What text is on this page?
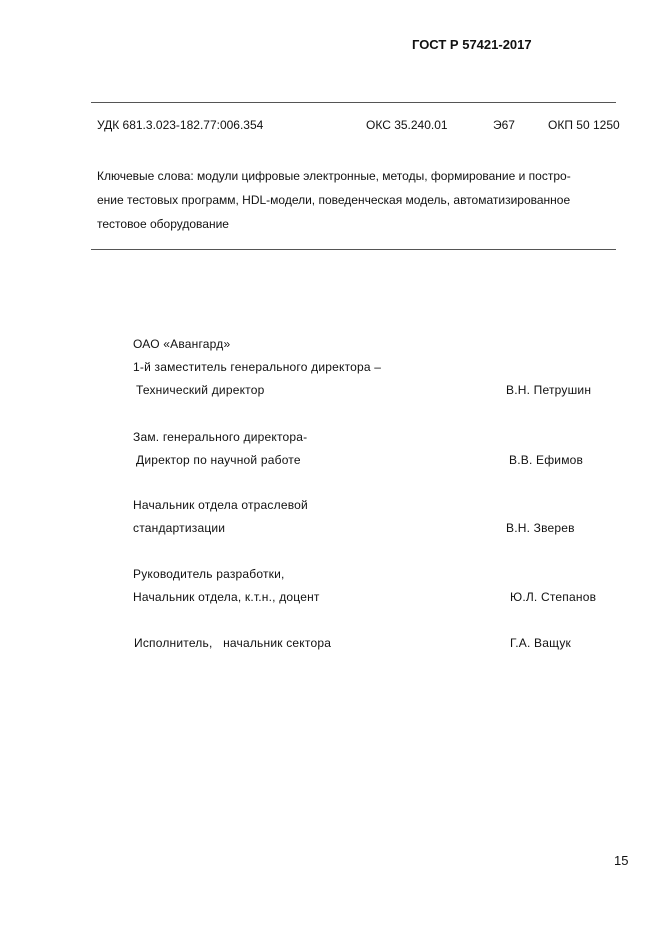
ГОСТ Р 57421-2017
УДК 681.3.023-182.77:006.354	ОКС 35.240.01	Э67	ОКП 50 1250
Ключевые слова: модули цифровые электронные, методы, формирование и постро-
ение тестовых программ, HDL-модели, поведенческая модель, автоматизированное
тестовое оборудование
ОАО «Авангард»
1-й заместитель генерального директора –
Технический директор	В.Н. Петрушин
Зам. генерального директора-
Директор по научной работе	В.В. Ефимов
Начальник отдела отраслевой
стандартизации	В.Н. Зверев
Руководитель разработки,
Начальник отдела, к.т.н., доцент	Ю.Л. Степанов
Исполнитель,   начальник сектора	Г.А. Ващук
15
